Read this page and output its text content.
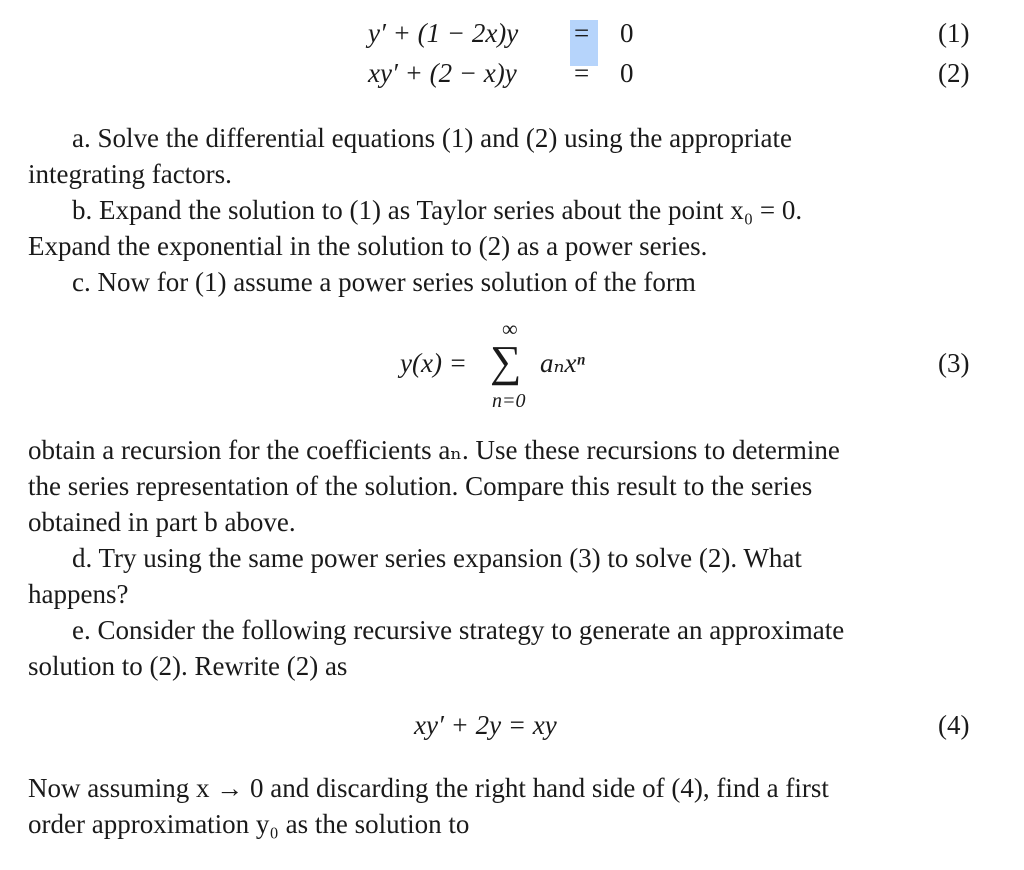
y′ + (1 − 2x)y = 0	(1)
xy′ + (2 − x)y = 0	(2)
a. Solve the differential equations (1) and (2) using the appropriate
integrating factors.
b. Expand the solution to (1) as Taylor series about the point x₀ = 0.
Expand the exponential in the solution to (2) as a power series.
c. Now for (1) assume a power series solution of the form
y(x) =
∞
∑ aₙxⁿ
n=0
(3)
obtain a recursion for the coefficients aₙ. Use these recursions to determine
the series representation of the solution. Compare this result to the series
obtained in part b above.
d. Try using the same power series expansion (3) to solve (2). What
happens?
e. Consider the following recursive strategy to generate an approximate
solution to (2). Rewrite (2) as
xy′ + 2y = xy	(4)
Now assuming x → 0 and discarding the right hand side of (4), find a first
order approximation y₀ as the solution to
